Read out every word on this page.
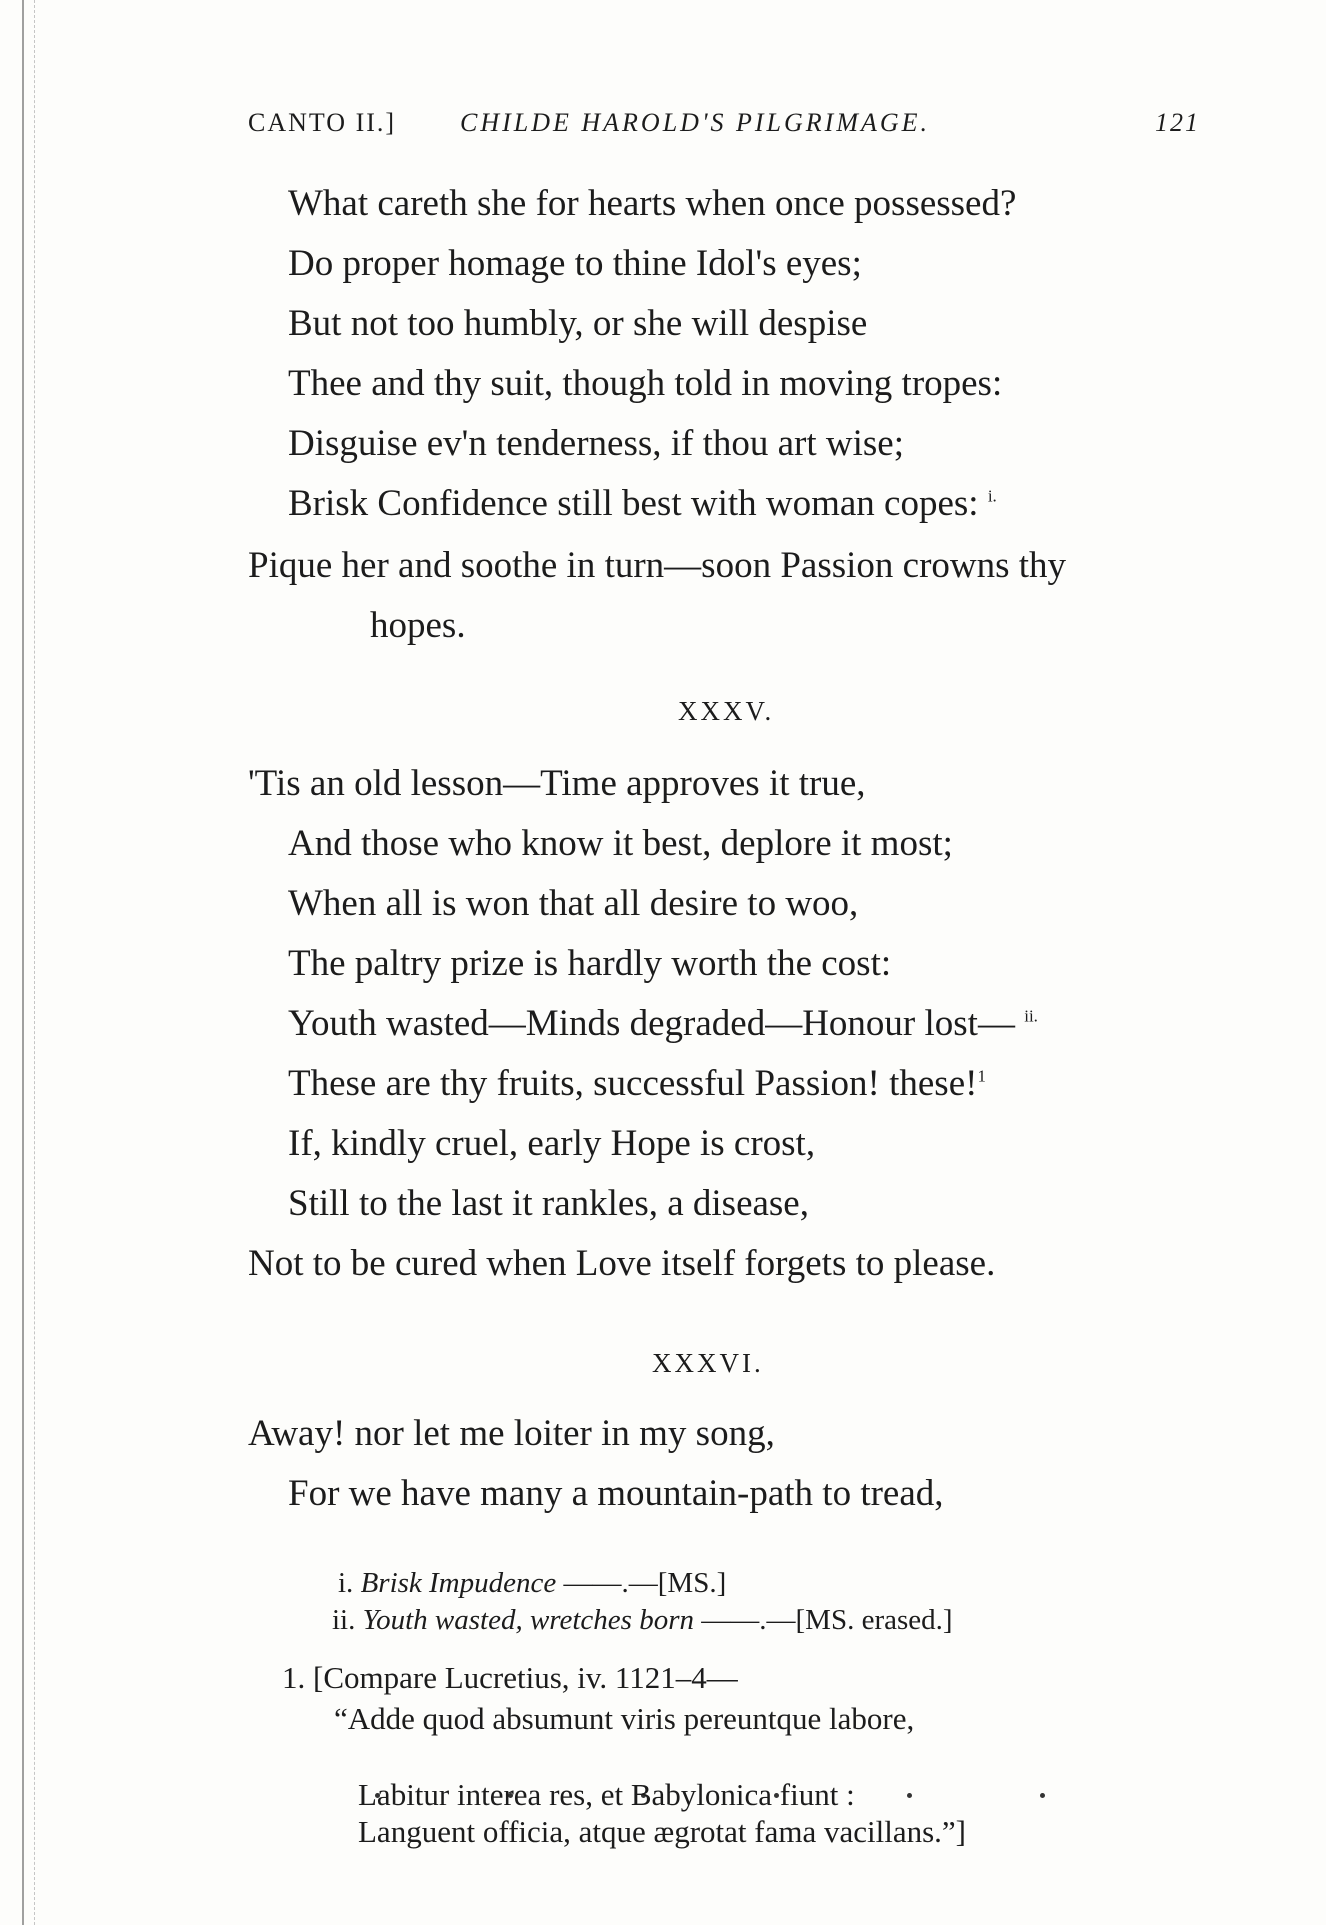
CANTO II.] CHILDE HAROLD'S PILGRIMAGE.	121
What careth she for hearts when once possessed?
Do proper homage to thine Idol's eyes;
But not too humbly, or she will despise
Thee and thy suit, though told in moving tropes:
Disguise ev'n tenderness, if thou art wise;
Brisk Confidence still best with woman copes: $^{i.}$
Pique her and soothe in turn—soon Passion crowns thy
hopes.
XXXV.
'Tis an old lesson—Time approves it true,
And those who know it best, deplore it most;
When all is won that all desire to woo,
The paltry prize is hardly worth the cost:
Youth wasted—Minds degraded—Honour lost— $^{ii.}$
These are thy fruits, successful Passion! these!$^1$
If, kindly cruel, early Hope is crost,
Still to the last it rankles, a disease,
Not to be cured when Love itself forgets to please.
XXXVI.
Away! nor let me loiter in my song,
For we have many a mountain-path to tread,
i. Brisk Impudence ——.—[MS.]
ii. Youth wasted, wretches born ——.—[MS. erased.]
1. [Compare Lucretius, iv. 1121–4—
“Adde quod absumunt viris pereuntque labore,
Labitur interea res, et Babylonica fiunt :
Languent officia, atque ægrotat fama vacillans.”]
